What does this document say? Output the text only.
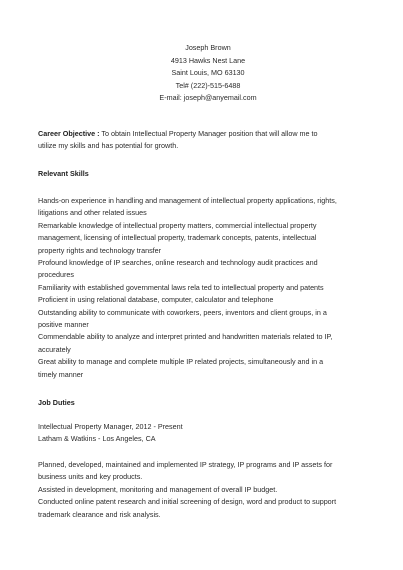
Joseph Brown
4913 Hawks Nest Lane
Saint Louis, MO 63130
Tel# (222)-515-6488
E-mail: joseph@anyemail.com
Career Objective : To obtain Intellectual Property Manager position that will allow me to
utilize my skills and has potential for growth.
Relevant Skills
Hands-on experience in handling and management of intellectual property applications, rights,
litigations and other related issues
Remarkable knowledge of intellectual property matters, commercial intellectual property
management, licensing of intellectual property, trademark concepts, patents, intellectual
property rights and technology transfer
Profound knowledge of IP searches, online research and technology audit practices and
procedures
Familiarity with established governmental laws rela ted to intellectual property and patents
Proficient in using relational database, computer, calculator and telephone
Outstanding ability to communicate with coworkers, peers, inventors and client groups, in a
positive manner
Commendable ability to analyze and interpret printed and handwritten materials related to IP,
accurately
Great ability to manage and complete multiple IP related projects, simultaneously and in a
timely manner
Job Duties
Intellectual Property Manager, 2012 - Present
Latham & Watkins - Los Angeles, CA
Planned, developed, maintained and implemented IP strategy, IP programs and IP assets for
business units and key products.
Assisted in development, monitoring and management of overall IP budget.
Conducted online patent research and initial screening of design, word and product to support
trademark clearance and risk analysis.
